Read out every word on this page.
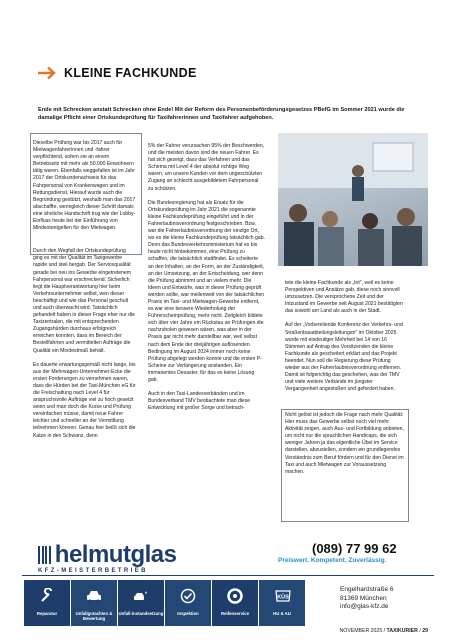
KLEINE FACHKUNDE
Ende mit Schrecken anstatt Schrecken ohne Ende! Mit der Reform des Personenbeförderungsgesetzes PBefG im Sommer 2021 wurde die damalige Pflicht einer Ortskundeprüfung für Taxifahrerinnen und Taxifahrer aufgehoben.

Dieselbe Prüfung war bis 2017 auch für Mietwagenfahrerinnen und -fahrer verpflichtend, sofern sie an einem Betriebssitz mit mehr als 50.000 Einwohnern tätig waren. Ebenfalls weggefallen ist im Jahr 2017 der Ortskundenachweis für das Fahrpersonal von Krankenwagen und im Rettungsdienst. Hierauf wurde auch die Begründung gestützt, weshalb man das 2017 abschaffte, wenngleich dieser Schritt damals eine ähnliche Handschrift trug wie der Lobby-Einfluss heute bei der Einführung von Mindestentgelten für den Mietwagen.

Durch den Wegfall der Ortskundeprüfung ging es mit der Qualität im Taxigewerbe rapide und steil bergab. Der Servicequalität gerade bei neu ins Gewerbe eingetretenem Fahrpersonal war erschreckend. Sicherlich liegt die Hauptverantwortung hier beim Verkehrsunternehmer selbst, wen dieser beschäftigt und wie das Personal geschult und auch überwacht wird. Tatsächlich gehandelt haben in dieser Frage eher nur die Taxizentralen, die mit entsprechenden Zugangshürden durchaus erfolgreich erreichen konnten, dass im Bereich der Bestellfahrten und vermittelten Aufträge die Qualität ein Mindestmaß behält.

Es dauerte erwartungsgemäß nicht lange, bis aus der Mehrwagen-Unternehmer-Ecke die ersten Forderungen zu vernehmen waren, dass die Hürden bei der Taxi-München eG für die Freischaltung nach Level 4 für anspruchsvolle Aufträge viel zu hoch gesetzt seien und man doch die Kurse und Prüfung vereinfachen müsse, damit neue Fahrer leichter und schneller an der Vermittlung teilnehmen können. Genau hier beißt sich die Katze in den Schwanz, denn

5% der Fahrer verursachen 95% der Beschwerden, und die meisten davon sind die neuen Fahrer. Es hat sich gezeigt, dass das Verfahren und das Schema mit Level 4 der absolut richtige Weg waren, um unsere Kunden vor dem ungeschützten Zugang an schlecht ausgebildetem Fahrpersonal zu schützen.

Die Bundesregierung hat als Ersatz für die Ortskundeprüfung im Jahr 2021 die sogenannte kleine Fachkundeprüfung eingeführt und in der Fahrerlaubnisverordnung festgeschrieben. Bzw. war die Fahrerlaubnisverordnung der einzige Ort, wo es die kleine Fachkundeprüfung tatsächlich gab. Denn das Bundesverkehrsministerium hat es bis heute nicht hinbekommen, eine Prüfung zu schaffen, die tatsächlich stattfindet. Es scheiterte an den Inhalten, an der Form, an der Zuständigkeit, an der Umsetzung, an der Entscheidung, wer denn die Prüfung abnimmt und an vielem mehr. Die Ideen und Entwürfe, was in dieser Prüfung geprüft werden sollte, war meilenweit von der tatsächlichen Praxis im Taxi- und Mietwagen-Gewerbe entfernt, es war eine bessere Wiederholung der Führerscheinprüfung, mehr nicht. Zeitgleich bildete sich über vier Jahre ein Rückstau an Prüfungen die nachzuholen gewesen wären, was aber in der Praxis gar nicht mehr darstellbar war, weil selbst nach dem Ende der dreijährigen auflösenden Bedingung im August 2024 immer noch keine Prüfung abgelegt werden konnte und die ersten P-Scheine zur Verlängerung anstanden. Ein immanentes Desaster, für das es keine Lösung gab.

Auch in den Taxi-Landesverbänden und im Bundesverband TMV beobachtete man diese Entwicklung mit großer Sorge und betrach-

tete die kleine Fachkunde als „tot", weil es keine Perspektiven und Ansätze gab, diese noch sinnvoll umzusetzen. Die versprochene Zeit und der Intzustand im Gewerbe seit August 2021 bestätigten das sowohl am Land als auch in der Stadt.

Auf der „Vorbereitende Konferenz der Verkehrs- und Straßenbauabteilungsleitungen" im Oktober 2025 wurde mit eindeutiger Mehrheit bei 14 von 16 Stimmen auf Antrag des Vorsitzenden die kleine Fachkunde als gescheitert erklärt und das Projekt beendet. Nun soll die Regierung diese Prüfung wieder aus der Fahrerlaubnisverordnung entfernen. Damit ist folgerichtig das geschehen, was der TMV und viele weitere Verbände im jüngster Vergangenheit angestoßen und gefordert haben.

Nicht gelöst ist jedoch die Frage nach mehr Qualität: Hier muss das Gewerbe selbst noch viel mehr Aktivität zeigen, auch Aus- und Fortbildung anbieten, um nicht nur die sprachlichen Handicaps, die sich weniger Jahren ja das eigentliche Übel im Service darstellen, abzustellen, sondern ein grundlegendes Verständnis zum Beruf fördern und für den Dienst im Taxi und auch Mietwagen zur Voraussetzung machen.

helmutglas
KFZ-MEISTERBETRIEB
(089) 77 99 62
Preiswert. Kompetent. Zuverlässig.
Reparatur	Unfallgutachten & Bewertung
Unfall-instandsetzung	Inspektion	Reifenservice
KÜS
HU & AU
Engelhardstraße 6
81369 München
info@glas-kfz.de
NOVEMBER 2025 / TAXIKURIER / 29
